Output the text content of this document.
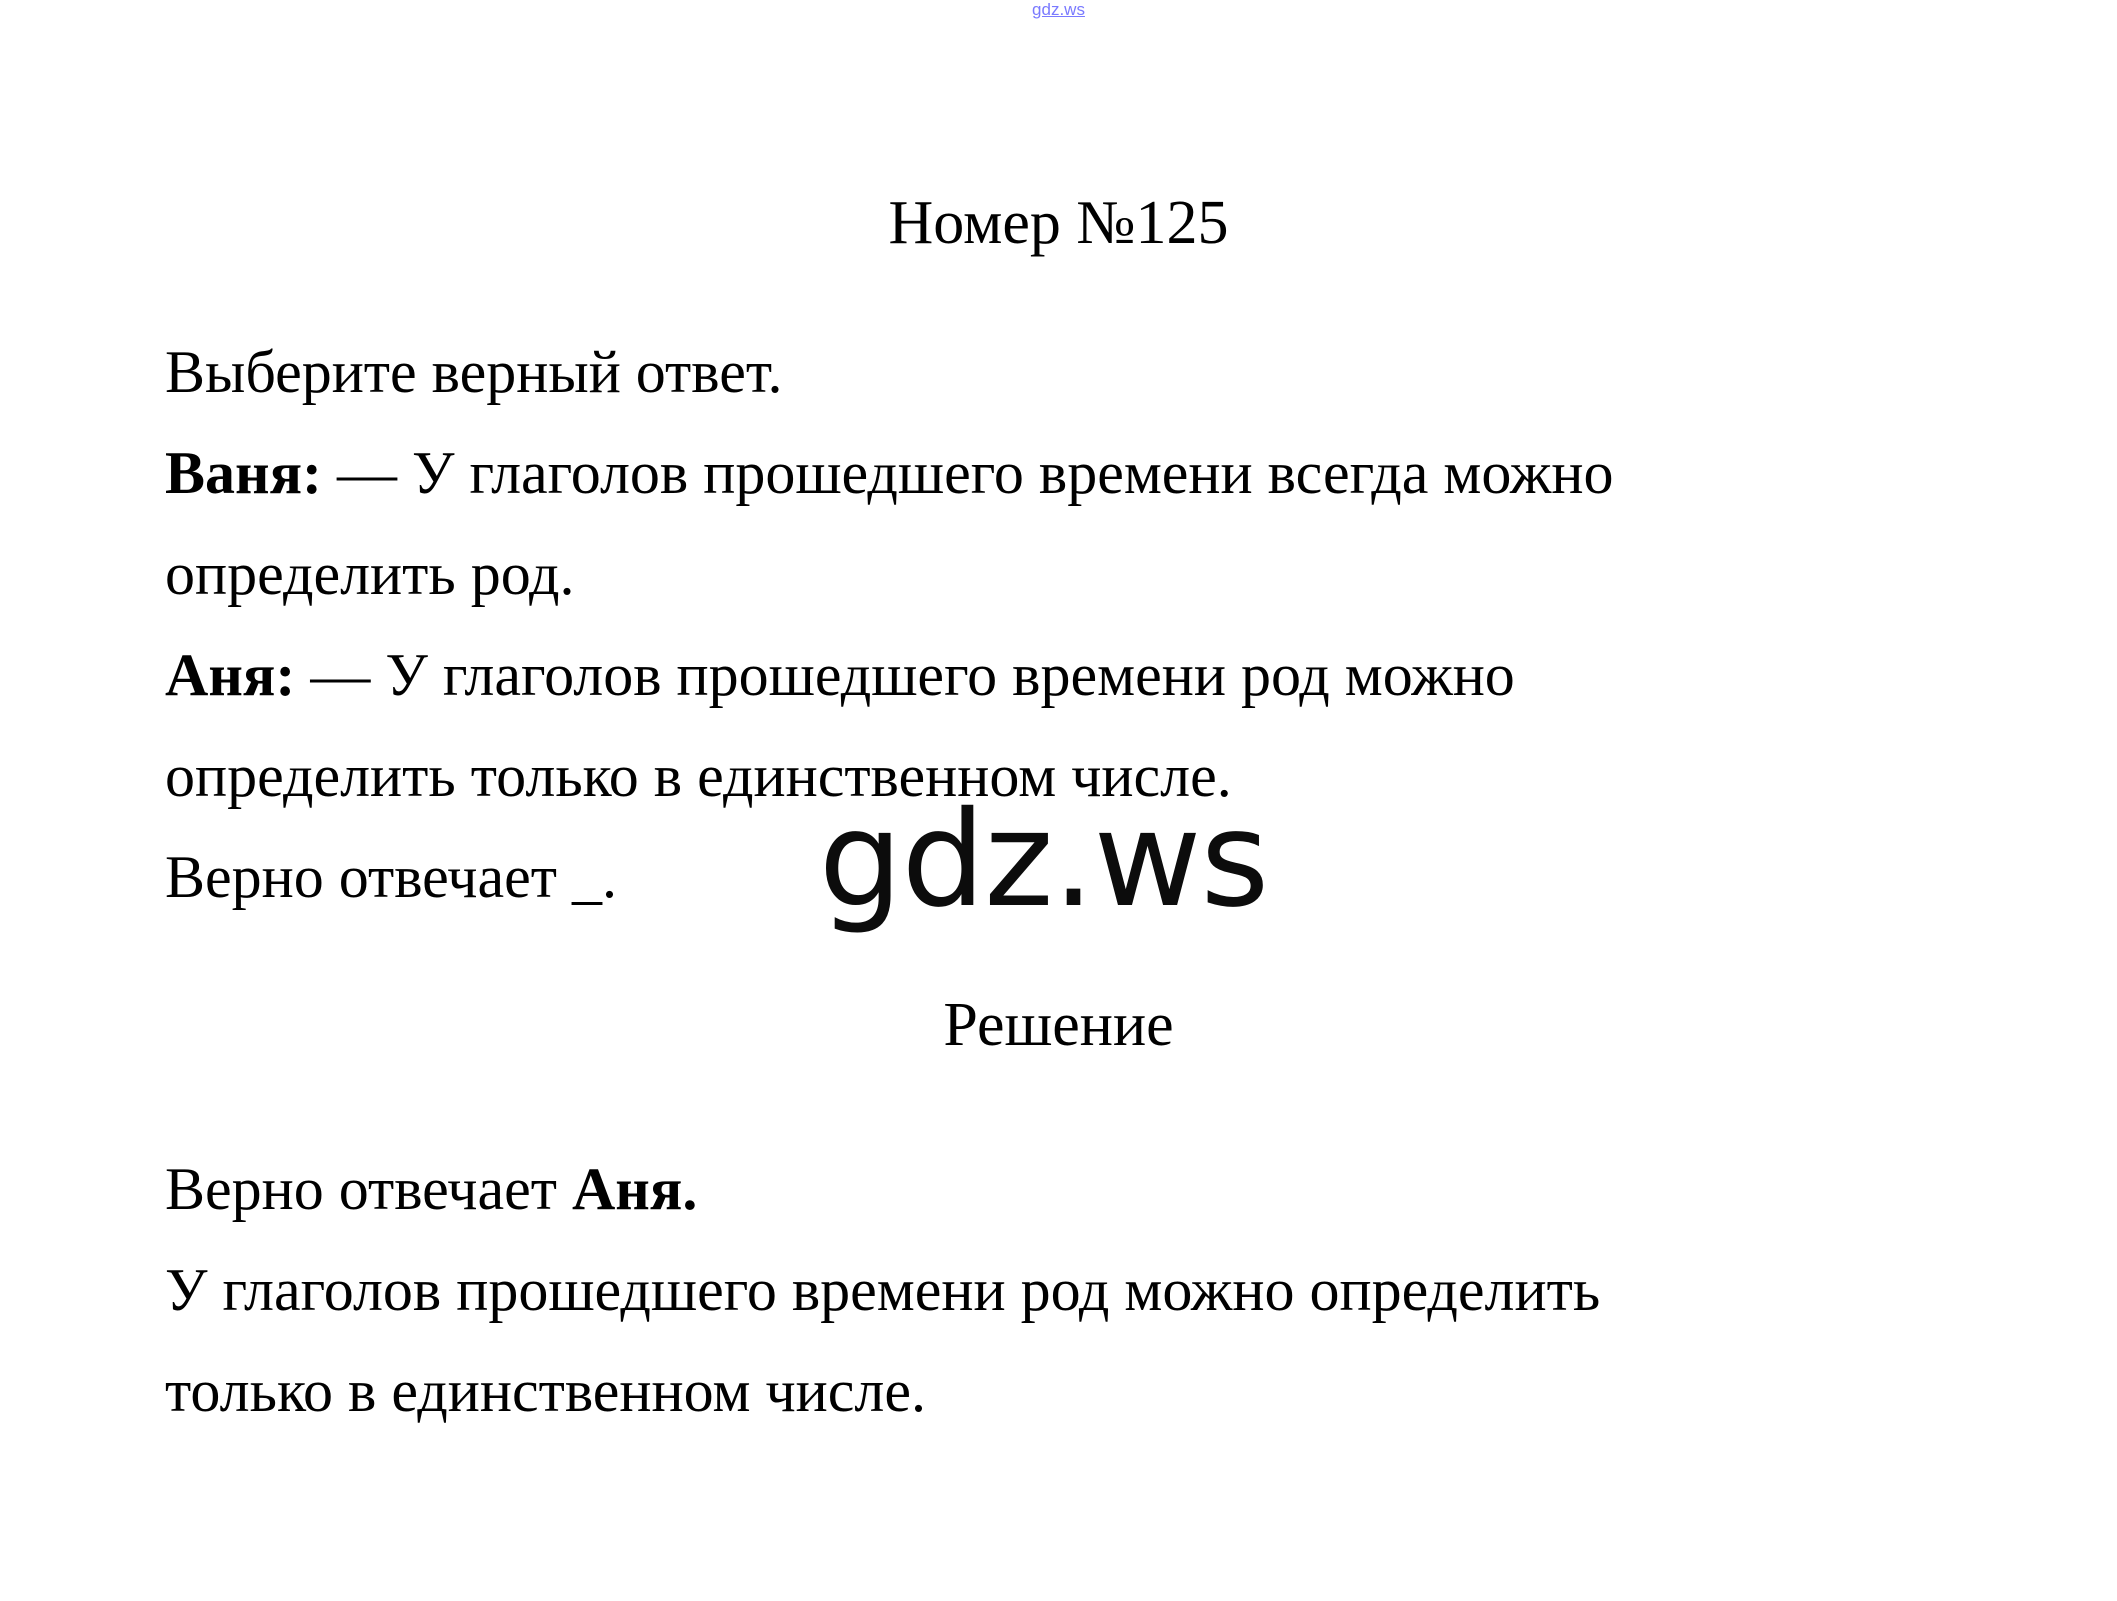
gdz.ws
Номер №125

Выберите верный ответ.

Ваня: — У глаголов прошедшего времени всегда можно

определить род.

Аня: — У глаголов прошедшего времени род можно

определить только в единственном числе.

Верно отвечает _.	gdz.ws
Решение

Верно отвечает Аня.

У глаголов прошедшего времени род можно определить

только в единственном числе.
